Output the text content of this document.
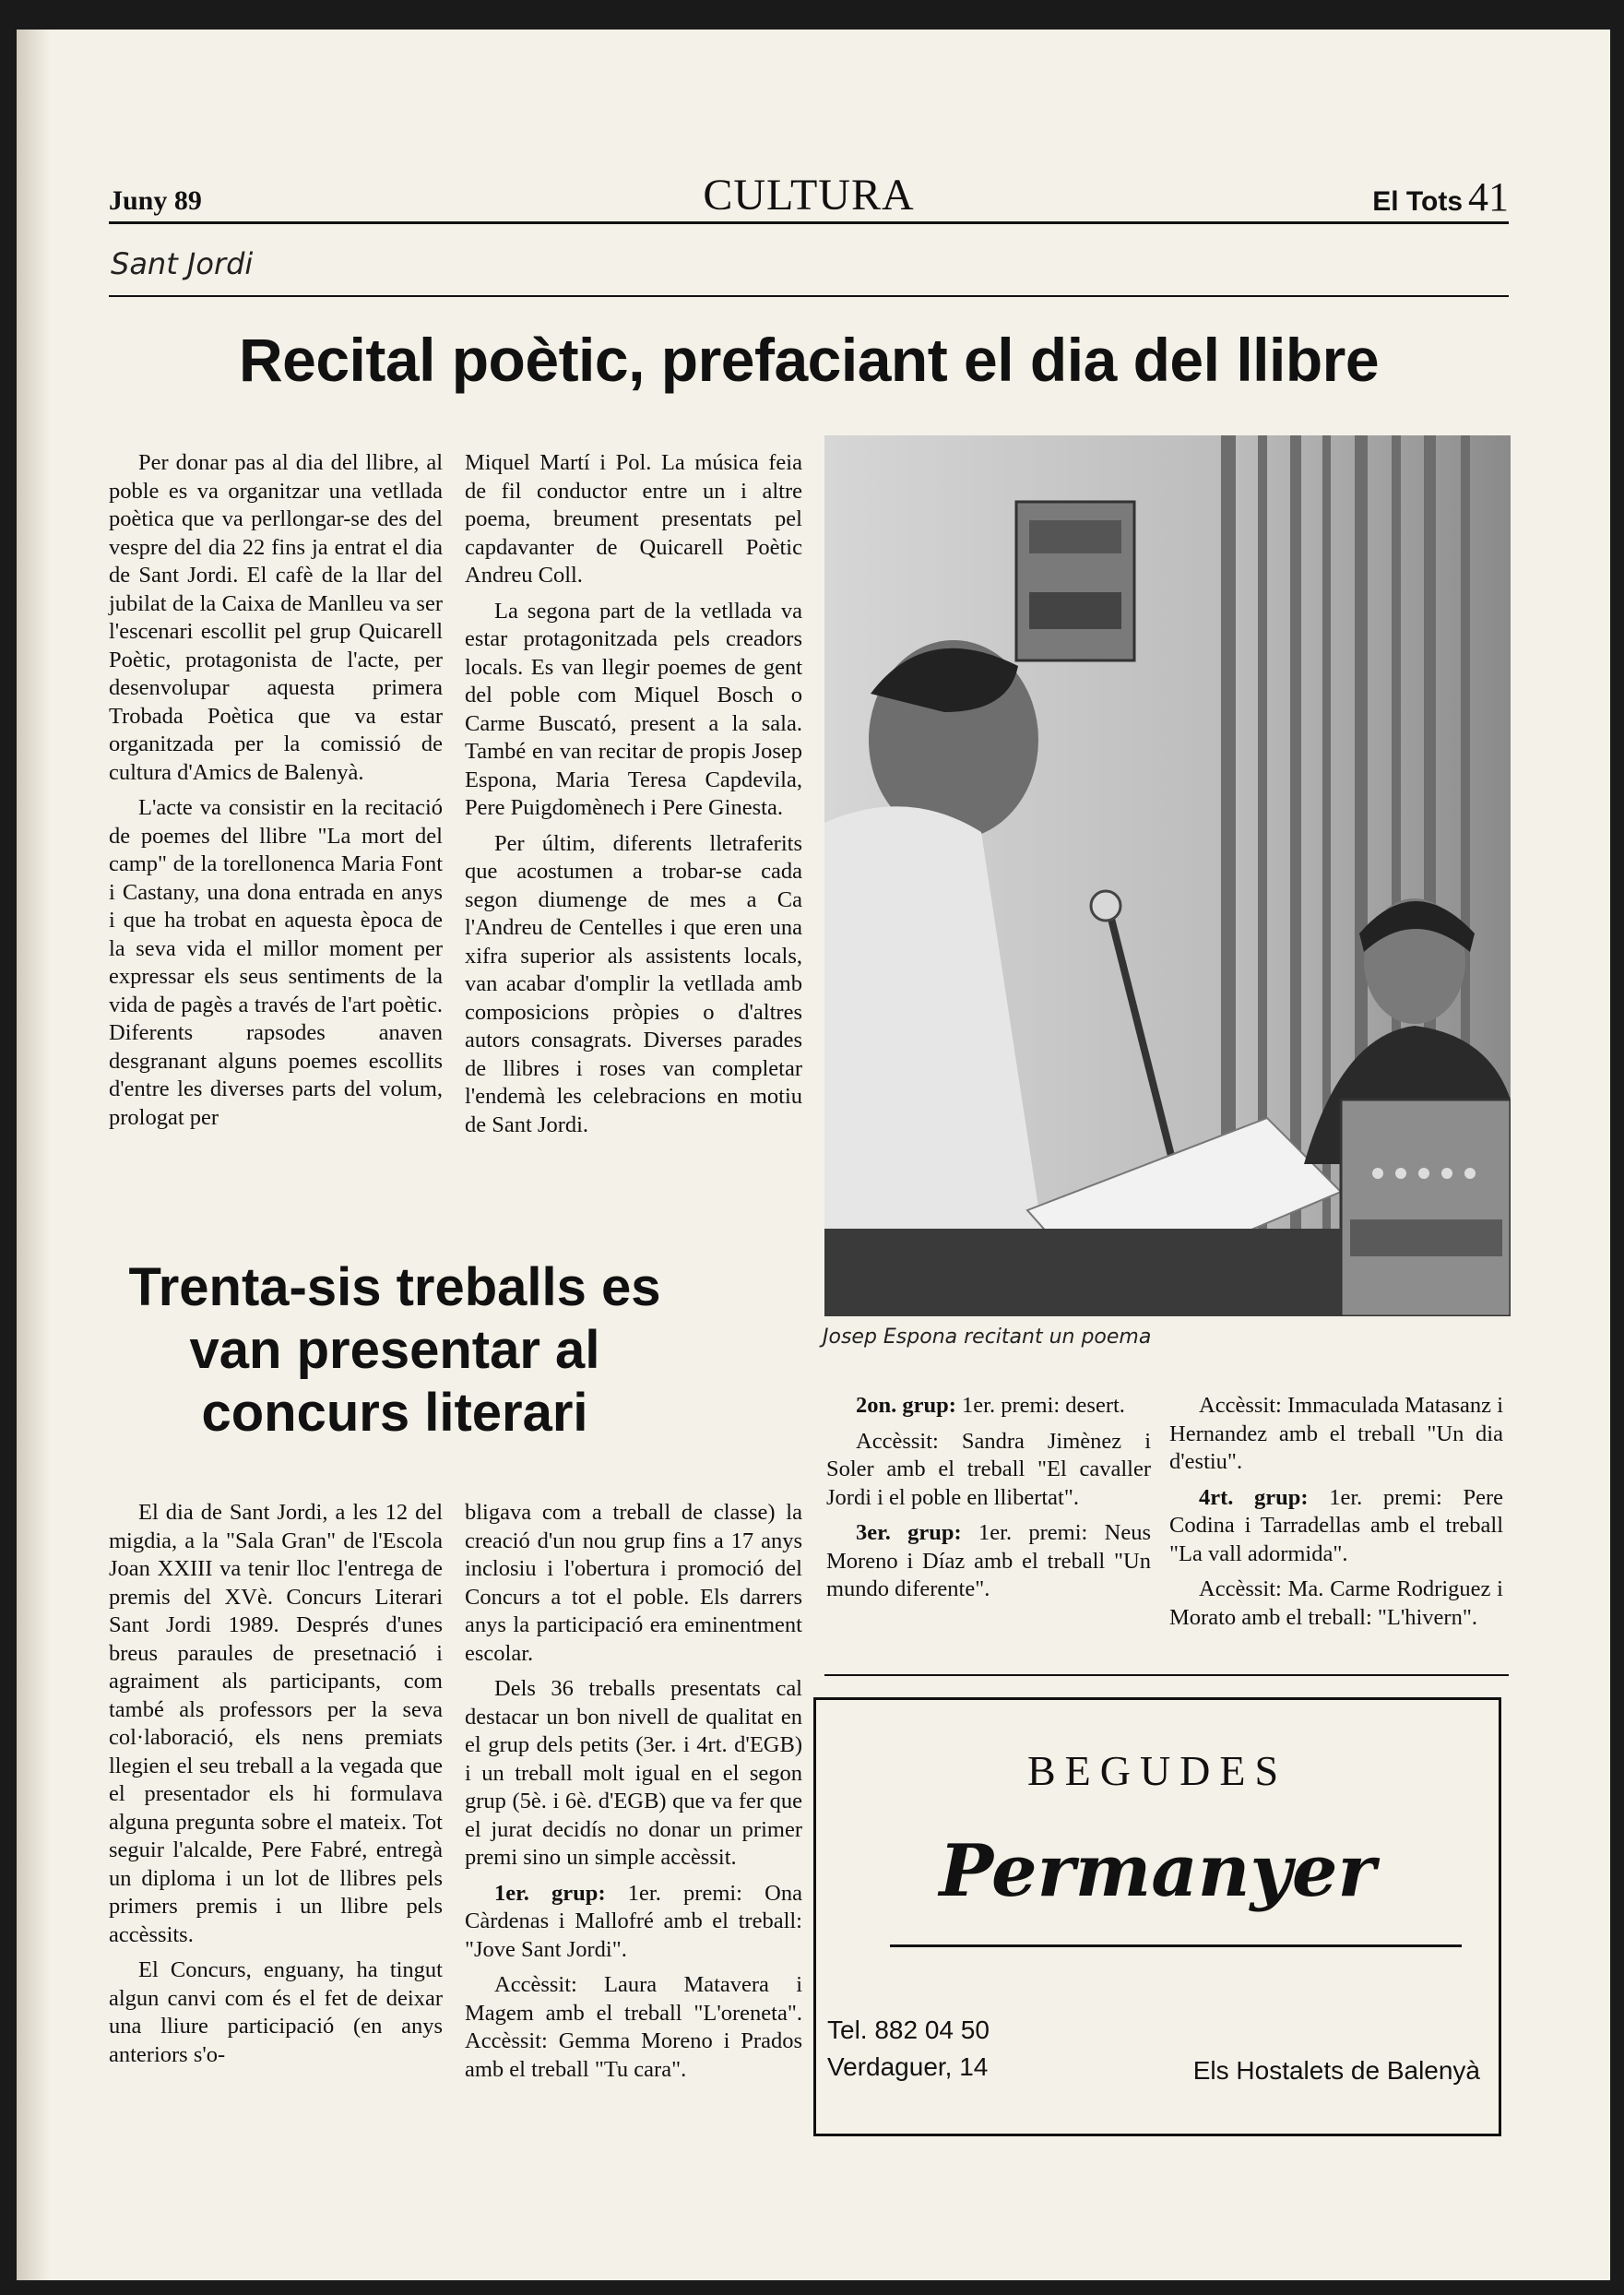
Juny 89	CULTURA	El Tots 41
Sant Jordi
Recital poètic, prefaciant el dia del llibre

Per donar pas al dia del llibre, al poble es va organitzar una vetllada poètica que va perllongar-se des del vespre del dia 22 fins ja entrat el dia de Sant Jordi. El cafè de la llar del jubilat de la Caixa de Manlleu va ser l'escenari escollit pel grup Quicarell Poètic, protagonista de l'acte, per desenvolupar aquesta primera Trobada Poètica que va estar organitzada per la comissió de cultura d'Amics de Balenyà.

L'acte va consistir en la recitació de poemes del llibre "La mort del camp" de la torellonenca Maria Font i Castany, una dona entrada en anys i que ha trobat en aquesta època de la seva vida el millor moment per expressar els seus sentiments de la vida de pagès a través de l'art poètic. Diferents rapsodes anaven desgranant alguns poemes escollits d'entre les diverses parts del volum, prologat per

Miquel Martí i Pol. La música feia de fil conductor entre un i altre poema, breument presentats pel capdavanter de Quicarell Poètic Andreu Coll.

La segona part de la vetllada va estar protagonitzada pels creadors locals. Es van llegir poemes de gent del poble com Miquel Bosch o Carme Buscató, present a la sala. També en van recitar de propis Josep Espona, Maria Teresa Capdevila, Pere Puigdomènech i Pere Ginesta.

Per últim, diferents lletraferits que acostumen a trobar-se cada segon diumenge de mes a Ca l'Andreu de Centelles i que eren una xifra superior als assistents locals, van acabar d'omplir la vetllada amb composicions pròpies o d'altres autors consagrats. Diverses parades de llibres i roses van completar l'endemà les celebracions en motiu de Sant Jordi.

Josep Espona recitant un poema
Trenta-sis treballs es van presentar al concurs literari

El dia de Sant Jordi, a les 12 del migdia, a la "Sala Gran" de l'Escola Joan XXIII va tenir lloc l'entrega de premis del XVè. Concurs Literari Sant Jordi 1989. Després d'unes breus paraules de presetnació i agraiment als participants, com també als professors per la seva col·laboració, els nens premiats llegien el seu treball a la vegada que el presentador els hi formulava alguna pregunta sobre el mateix. Tot seguir l'alcalde, Pere Fabré, entregà un diploma i un lot de llibres pels primers premis i un llibre pels accèssits.

El Concurs, enguany, ha tingut algun canvi com és el fet de deixar una lliure participació (en anys anteriors s'o-

bligava com a treball de classe) la creació d'un nou grup fins a 17 anys inclosiu i l'obertura i promoció del Concurs a tot el poble. Els darrers anys la participació era eminentment escolar.

Dels 36 treballs presentats cal destacar un bon nivell de qualitat en el grup dels petits (3er. i 4rt. d'EGB) i un treball molt igual en el segon grup (5è. i 6è. d'EGB) que va fer que el jurat decidís no donar un primer premi sino un simple accèssit.

1er. grup: 1er. premi: Ona Càrdenas i Mallofré amb el treball: "Jove Sant Jordi".

Accèssit: Laura Matavera i Magem amb el treball "L'oreneta". Accèssit: Gemma Moreno i Prados amb el treball "Tu cara".

2on. grup: 1er. premi: desert.

Accèssit: Sandra Jimènez i Soler amb el treball "El cavaller Jordi i el poble en llibertat".

3er. grup: 1er. premi: Neus Moreno i Díaz amb el treball "Un mundo diferente".

Accèssit: Immaculada Matasanz i Hernandez amb el treball "Un dia d'estiu".

4rt. grup: 1er. premi: Pere Codina i Tarradellas amb el treball "La vall adormida".

Accèssit: Ma. Carme Rodriguez i Morato amb el treball: "L'hivern".

BEGUDES
Permanyer
Tel. 882 04 50
Verdaguer, 14	Els Hostalets de Balenyà
